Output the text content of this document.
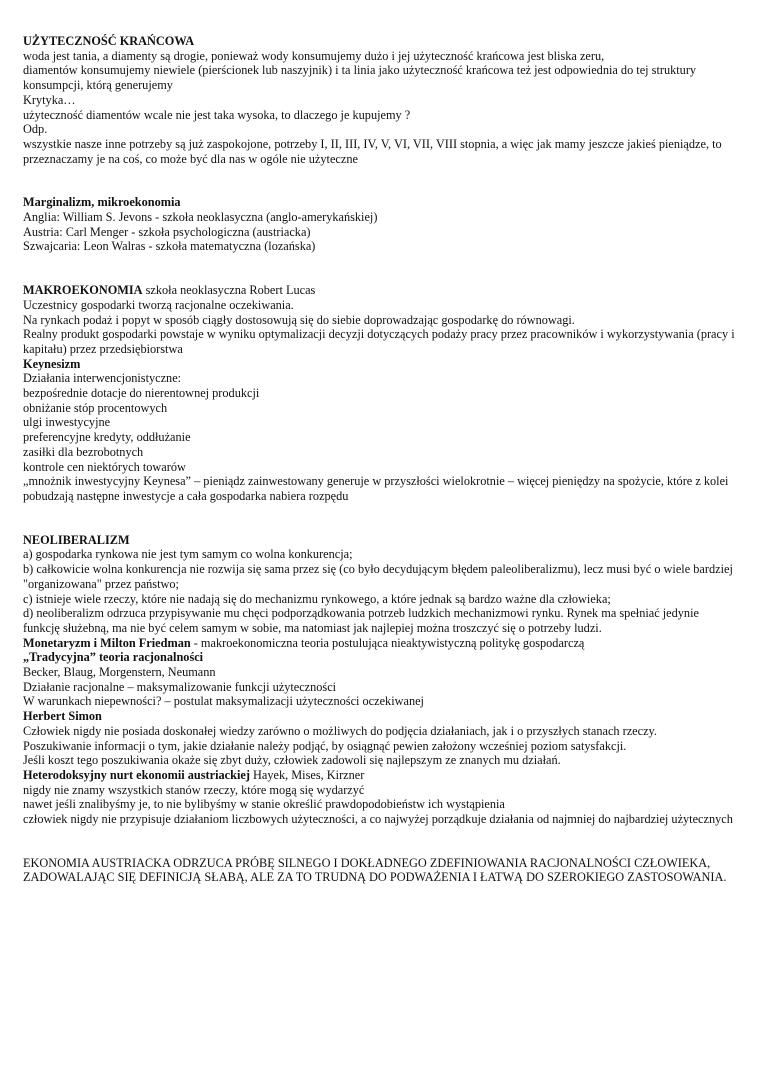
UŻYTECZNOŚĆ KRAŃCOWA
woda jest tania, a diamenty są drogie, ponieważ wody konsumujemy dużo i jej użyteczność krańcowa jest bliska zeru,
diamentów konsumujemy niewiele (pierścionek lub naszyjnik) i ta linia jako użyteczność krańcowa też jest odpowiednia do tej struktury konsumpcji, którą generujemy
Krytyka…
użyteczność diamentów wcale nie jest taka wysoka, to dlaczego je kupujemy ?
Odp.
wszystkie nasze inne potrzeby są już zaspokojone, potrzeby I, II, III, IV, V, VI, VII, VIII stopnia, a więc jak mamy jeszcze jakieś pieniądze, to przeznaczamy je na coś, co może być dla nas w ogóle nie użyteczne
Marginalizm, mikroekonomia
Anglia: William S. Jevons - szkoła neoklasyczna (anglo-amerykańskiej)
Austria: Carl Menger - szkoła psychologiczna (austriacka)
Szwajcaria: Leon Walras - szkoła matematyczna (lozańska)
MAKROEKONOMIA szkoła neoklasyczna Robert Lucas
Uczestnicy gospodarki tworzą racjonalne oczekiwania.
Na rynkach podaż i popyt w sposób ciągły dostosowują się do siebie doprowadzając gospodarkę do równowagi.
Realny produkt gospodarki powstaje w wyniku optymalizacji decyzji dotyczących podaży pracy przez pracowników i wykorzystywania (pracy i kapitału) przez przedsiębiorstwa
Keynesizm
Działania interwencjonistyczne:
bezpośrednie dotacje do nierentownej produkcji
obniżanie stóp procentowych
ulgi inwestycyjne
preferencyjne kredyty, oddłużanie
zasiłki dla bezrobotnych
kontrole cen niektórych towarów
„mnożnik inwestycyjny Keynesa” – pieniądz zainwestowany generuje w przyszłości wielokrotnie – więcej pieniędzy na spożycie, które z kolei pobudzają następne inwestycje a cała gospodarka nabiera rozpędu
NEOLIBERALIZM
a) gospodarka rynkowa nie jest tym samym co wolna konkurencja;
b) całkowicie wolna konkurencja nie rozwija się sama przez się (co było decydującym błędem paleoliberalizmu), lecz musi być o wiele bardziej "organizowana" przez państwo;
c) istnieje wiele rzeczy, które nie nadają się do mechanizmu rynkowego, a które jednak są bardzo ważne dla człowieka;
d) neoliberalizm odrzuca przypisywanie mu chęci podporządkowania potrzeb ludzkich mechanizmowi rynku. Rynek ma spełniać jedynie funkcję służebną, ma nie być celem samym w sobie, ma natomiast jak najlepiej można troszczyć się o potrzeby ludzi.
Monetaryzm i Milton Friedman - makroekonomiczna teoria postulująca nieaktywistyczną politykę gospodarczą
„Tradycyjna” teoria racjonalności
Becker, Blaug, Morgenstern, Neumann
Działanie racjonalne – maksymalizowanie funkcji użyteczności
W warunkach niepewności? – postulat maksymalizacji użyteczności oczekiwanej
Herbert Simon
Człowiek nigdy nie posiada doskonałej wiedzy zarówno o możliwych do podjęcia działaniach, jak i o przyszłych stanach rzeczy.
Poszukiwanie informacji o tym, jakie działanie należy podjąć, by osiągnąć pewien założony wcześniej poziom satysfakcji.
Jeśli koszt tego poszukiwania okaże się zbyt duży, człowiek zadowoli się najlepszym ze znanych mu działań.
Heterodoksyjny nurt ekonomii austriackiej Hayek, Mises, Kirzner
nigdy nie znamy wszystkich stanów rzeczy, które mogą się wydarzyć
nawet jeśli znalibyśmy je, to nie bylibyśmy w stanie określić prawdopodobieństw ich wystąpienia
człowiek nigdy nie przypisuje działaniom liczbowych użyteczności, a co najwyżej porządkuje działania od najmniej do najbardziej użytecznych
EKONOMIA AUSTRIACKA ODRZUCA PRÓBĘ SILNEGO I DOKŁADNEGO ZDEFINIOWANIA RACJONALNOŚCI CZŁOWIEKA, ZADOWALAJĄC SIĘ DEFINICJĄ SŁABĄ, ALE ZA TO TRUDNĄ DO PODWAŻENIA I ŁATWĄ DO SZEROKIEGO ZASTOSOWANIA.
